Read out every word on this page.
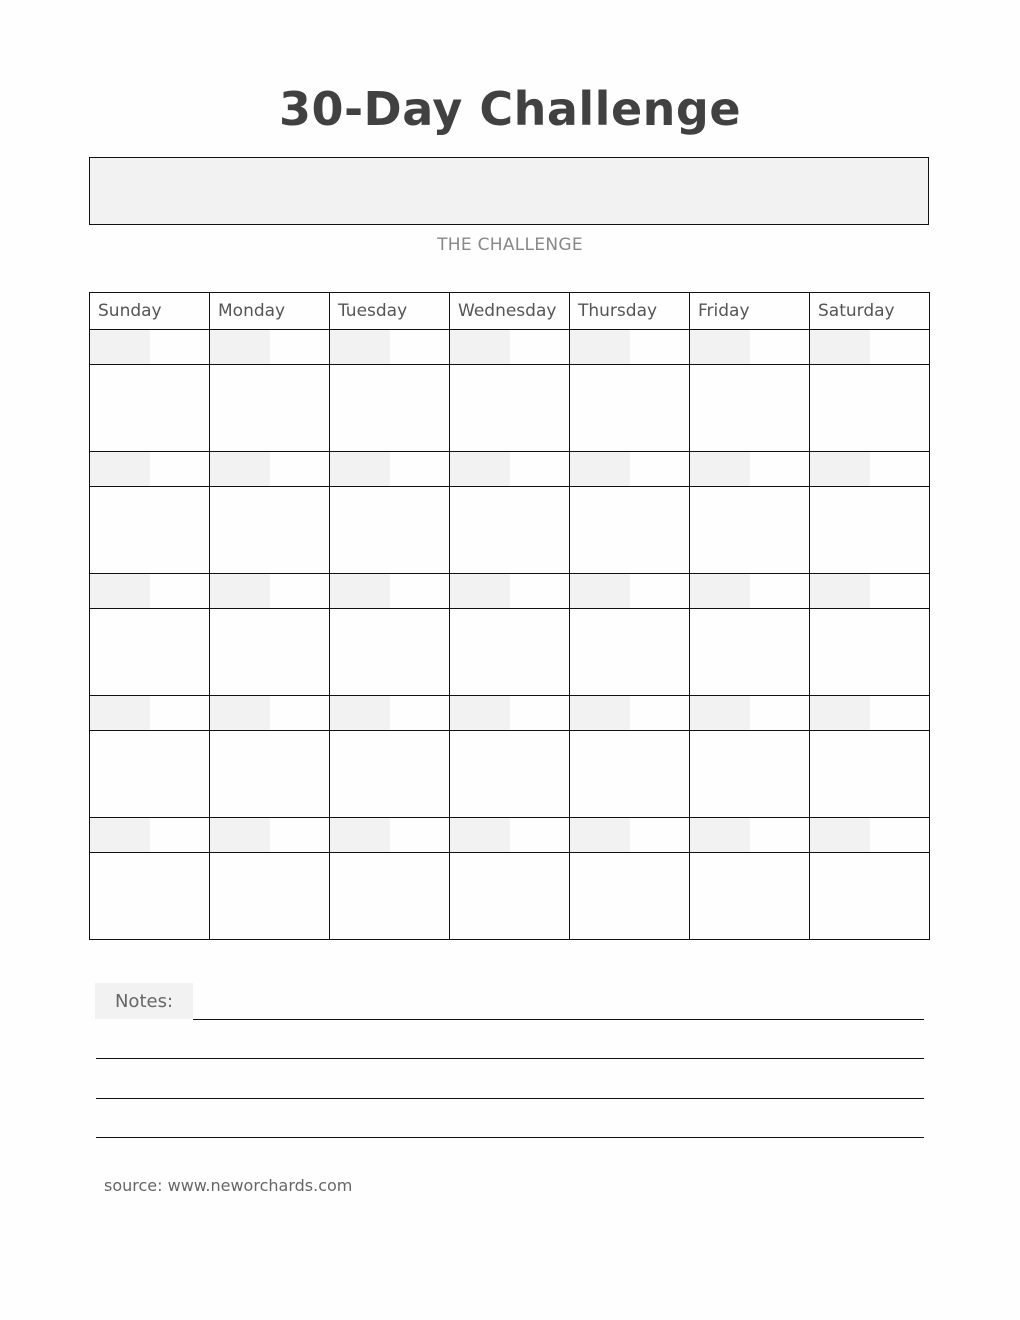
30-Day Challenge
THE CHALLENGE
Sunday	Monday	Tuesday	Wednesday	Thursday	Friday	Saturday

Notes:
source: www.neworchards.com
